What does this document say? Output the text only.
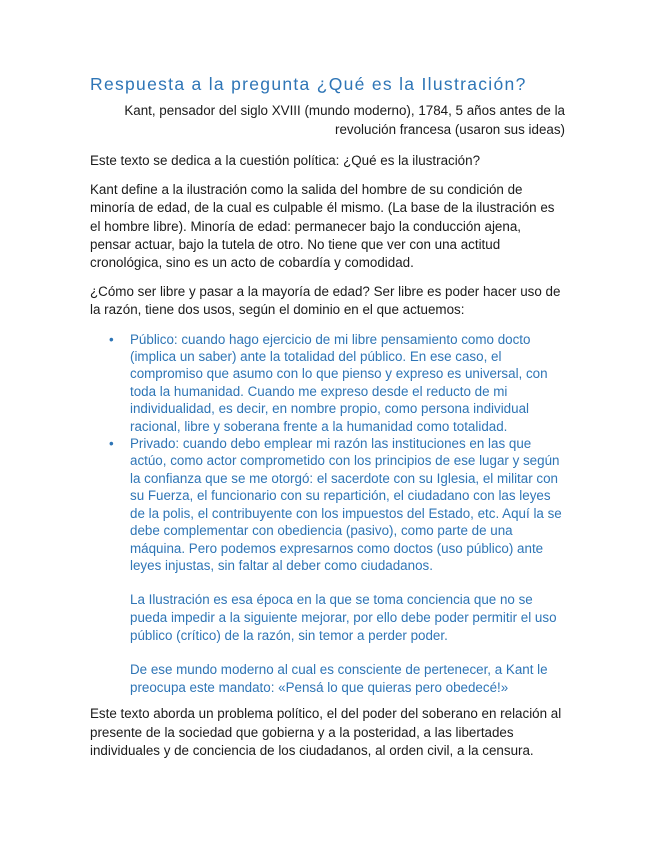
Respuesta a la pregunta ¿Qué es la Ilustración?
Kant, pensador del siglo XVIII (mundo moderno), 1784, 5 años antes de la
revolución francesa (usaron sus ideas)

Este texto se dedica a la cuestión política: ¿Qué es la ilustración?

Kant define a la ilustración como la salida del hombre de su condición de minoría de edad, de la cual es culpable él mismo. (La base de la ilustración es el hombre libre). Minoría de edad: permanecer bajo la conducción ajena, pensar actuar, bajo la tutela de otro. No tiene que ver con una actitud cronológica, sino es un acto de cobardía y comodidad.

¿Cómo ser libre y pasar a la mayoría de edad? Ser libre es poder hacer uso de la razón, tiene dos usos, según el dominio en el que actuemos:

• Público: cuando hago ejercicio de mi libre pensamiento como docto (implica un saber) ante la totalidad del público. En ese caso, el compromiso que asumo con lo que pienso y expreso es universal, con toda la humanidad. Cuando me expreso desde el reducto de mi individualidad, es decir, en nombre propio, como persona individual racional, libre y soberana frente a la humanidad como totalidad.
• Privado: cuando debo emplear mi razón las instituciones en las que actúo, como actor comprometido con los principios de ese lugar y según la confianza que se me otorgó: el sacerdote con su Iglesia, el militar con su Fuerza, el funcionario con su repartición, el ciudadano con las leyes de la polis, el contribuyente con los impuestos del Estado, etc. Aquí la se debe complementar con obediencia (pasivo), como parte de una máquina. Pero podemos expresarnos como doctos (uso público) ante leyes injustas, sin faltar al deber como ciudadanos.
La Ilustración es esa época en la que se toma conciencia que no se pueda impedir a la siguiente mejorar, por ello debe poder permitir el uso público (crítico) de la razón, sin temor a perder poder.
De ese mundo moderno al cual es consciente de pertenecer, a Kant le preocupa este mandato: «Pensá lo que quieras pero obedecé!»

Este texto aborda un problema político, el del poder del soberano en relación al presente de la sociedad que gobierna y a la posteridad, a las libertades individuales y de conciencia de los ciudadanos, al orden civil, a la censura.
